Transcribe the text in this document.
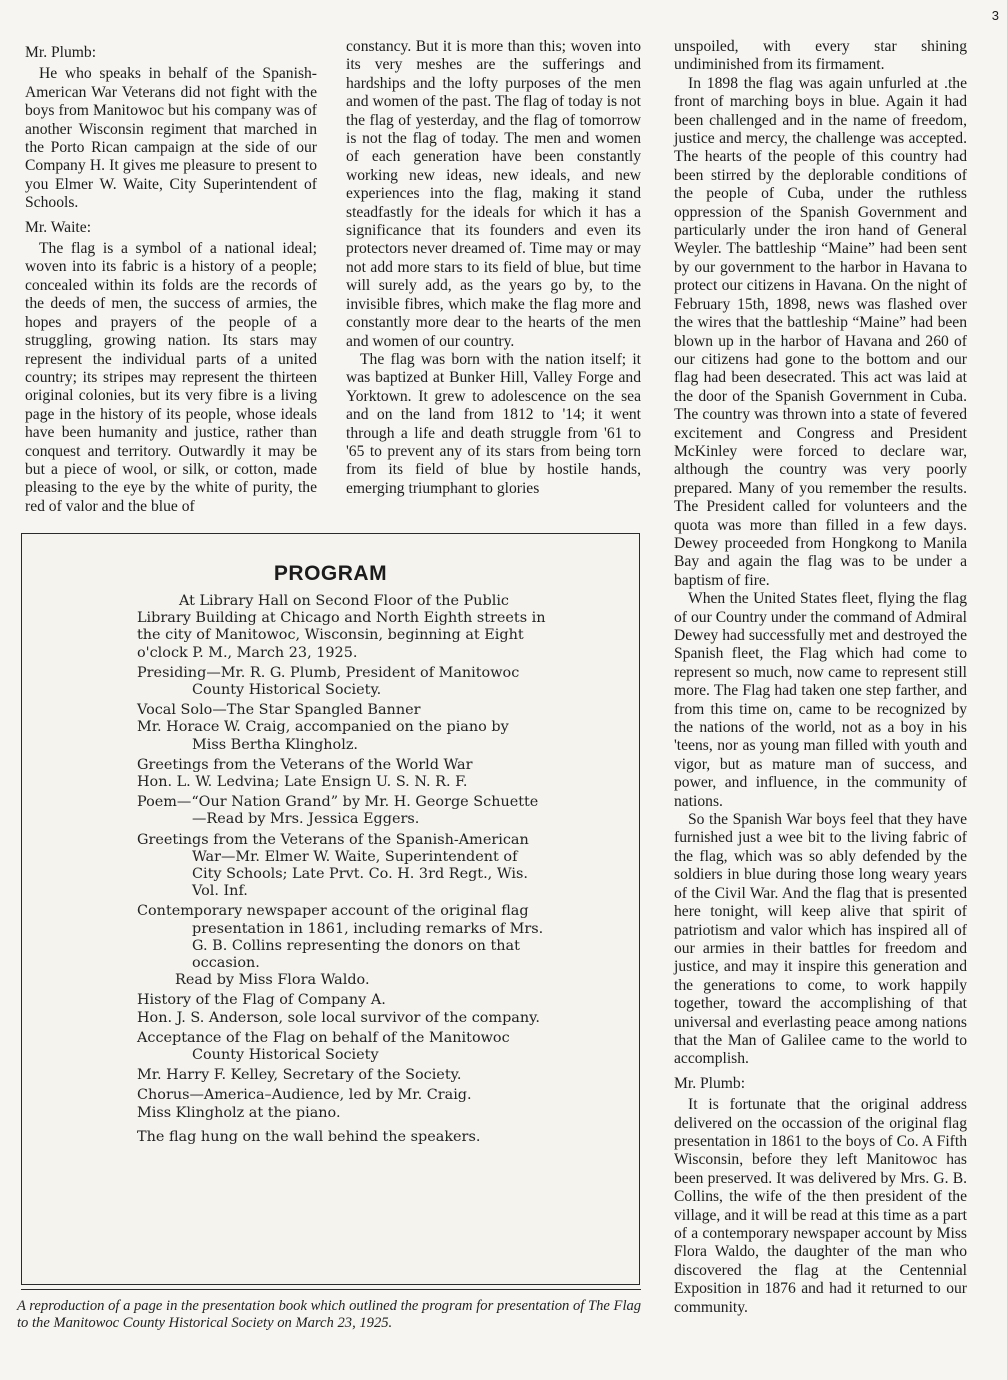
3

Mr. Plumb:

He who speaks in behalf of the Spanish-American War Veterans did not fight with the boys from Manitowoc but his company was of another Wisconsin regiment that marched in the Porto Rican campaign at the side of our Company H. It gives me pleasure to present to you Elmer W. Waite, City Superintendent of Schools.

Mr. Waite:

The flag is a symbol of a national ideal; woven into its fabric is a history of a people; concealed within its folds are the records of the deeds of men, the success of armies, the hopes and prayers of the people of a struggling, growing nation. Its stars may represent the individual parts of a united country; its stripes may represent the thirteen original colonies, but its very fibre is a living page in the history of its people, whose ideals have been humanity and justice, rather than conquest and territory. Outwardly it may be but a piece of wool, or silk, or cotton, made pleasing to the eye by the white of purity, the red of valor and the blue of

constancy. But it is more than this; woven into its very meshes are the sufferings and hardships and the lofty purposes of the men and women of the past. The flag of today is not the flag of yesterday, and the flag of tomorrow is not the flag of today. The men and women of each generation have been constantly working new ideas, new ideals, and new experiences into the flag, making it stand steadfastly for the ideals for which it has a significance that its founders and even its protectors never dreamed of. Time may or may not add more stars to its field of blue, but time will surely add, as the years go by, to the invisible fibres, which make the flag more and constantly more dear to the hearts of the men and women of our country.

The flag was born with the nation itself; it was baptized at Bunker Hill, Valley Forge and Yorktown. It grew to adolescence on the sea and on the land from 1812 to '14; it went through a life and death struggle from '61 to '65 to prevent any of its stars from being torn from its field of blue by hostile hands, emerging triumphant to glories

unspoiled, with every star shining undiminished from its firmament.

In 1898 the flag was again unfurled at .the front of marching boys in blue. Again it had been challenged and in the name of freedom, justice and mercy, the challenge was accepted. The hearts of the people of this country had been stirred by the deplorable conditions of the people of Cuba, under the ruthless oppression of the Spanish Government and particularly under the iron hand of General Weyler. The battleship “Maine” had been sent by our government to the harbor in Havana to protect our citizens in Havana. On the night of February 15th, 1898, news was flashed over the wires that the battleship “Maine” had been blown up in the harbor of Havana and 260 of our citizens had gone to the bottom and our flag had been desecrated. This act was laid at the door of the Spanish Government in Cuba. The country was thrown into a state of fevered excitement and Congress and President McKinley were forced to declare war, although the country was very poorly prepared. Many of you remember the results. The President called for volunteers and the quota was more than filled in a few days. Dewey proceeded from Hongkong to Manila Bay and again the flag was to be under a baptism of fire.

When the United States fleet, flying the flag of our Country under the command of Admiral Dewey had successfully met and destroyed the Spanish fleet, the Flag which had come to represent so much, now came to represent still more. The Flag had taken one step farther, and from this time on, came to be recognized by the nations of the world, not as a boy in his 'teens, nor as young man filled with youth and vigor, but as mature man of success, and power, and influence, in the community of nations.

So the Spanish War boys feel that they have furnished just a wee bit to the living fabric of the flag, which was so ably defended by the soldiers in blue during those long weary years of the Civil War. And the flag that is presented here tonight, will keep alive that spirit of patriotism and valor which has inspired all of our armies in their battles for freedom and justice, and may it inspire this generation and the generations to come, to work happily together, toward the accomplishing of that universal and everlasting peace among nations that the Man of Galilee came to the world to accomplish.

Mr. Plumb:

It is fortunate that the original address delivered on the occassion of the original flag presentation in 1861 to the boys of Co. A Fifth Wisconsin, before they left Manitowoc has been preserved. It was delivered by Mrs. G. B. Collins, the wife of the then president of the village, and it will be read at this time as a part of a contemporary newspaper account by Miss Flora Waldo, the daughter of the man who discovered the flag at the Centennial Exposition in 1876 and had it returned to our community.

PROGRAM
At Library Hall on Second Floor of the Public Library Building at Chicago and North Eighth streets in the city of Manitowoc, Wisconsin, beginning at Eight o'clock P. M., March 23, 1925.
Presiding—Mr. R. G. Plumb, President of Manitowoc County Historical Society.
Vocal Solo—The Star Spangled Banner
Mr. Horace W. Craig, accompanied on the piano by Miss Bertha Klingholz.
Greetings from the Veterans of the World War
Hon. L. W. Ledvina; Late Ensign U. S. N. R. F.
Poem—“Our Nation Grand” by Mr. H. George Schuette—Read by Mrs. Jessica Eggers.
Greetings from the Veterans of the Spanish-American War—Mr. Elmer W. Waite, Superintendent of City Schools; Late Prvt. Co. H. 3rd Regt., Wis. Vol. Inf.
Contemporary newspaper account of the original flag presentation in 1861, including remarks of Mrs. G. B. Collins representing the donors on that occasion.
Read by Miss Flora Waldo.
History of the Flag of Company A.
Hon. J. S. Anderson, sole local survivor of the company.
Acceptance of the Flag on behalf of the Manitowoc County Historical Society
Mr. Harry F. Kelley, Secretary of the Society.
Chorus—America–Audience, led by Mr. Craig.
Miss Klingholz at the piano.
The flag hung on the wall behind the speakers.
A reproduction of a page in the presentation book which outlined the program for presentation of The Flag to the Manitowoc County Historical Society on March 23, 1925.
